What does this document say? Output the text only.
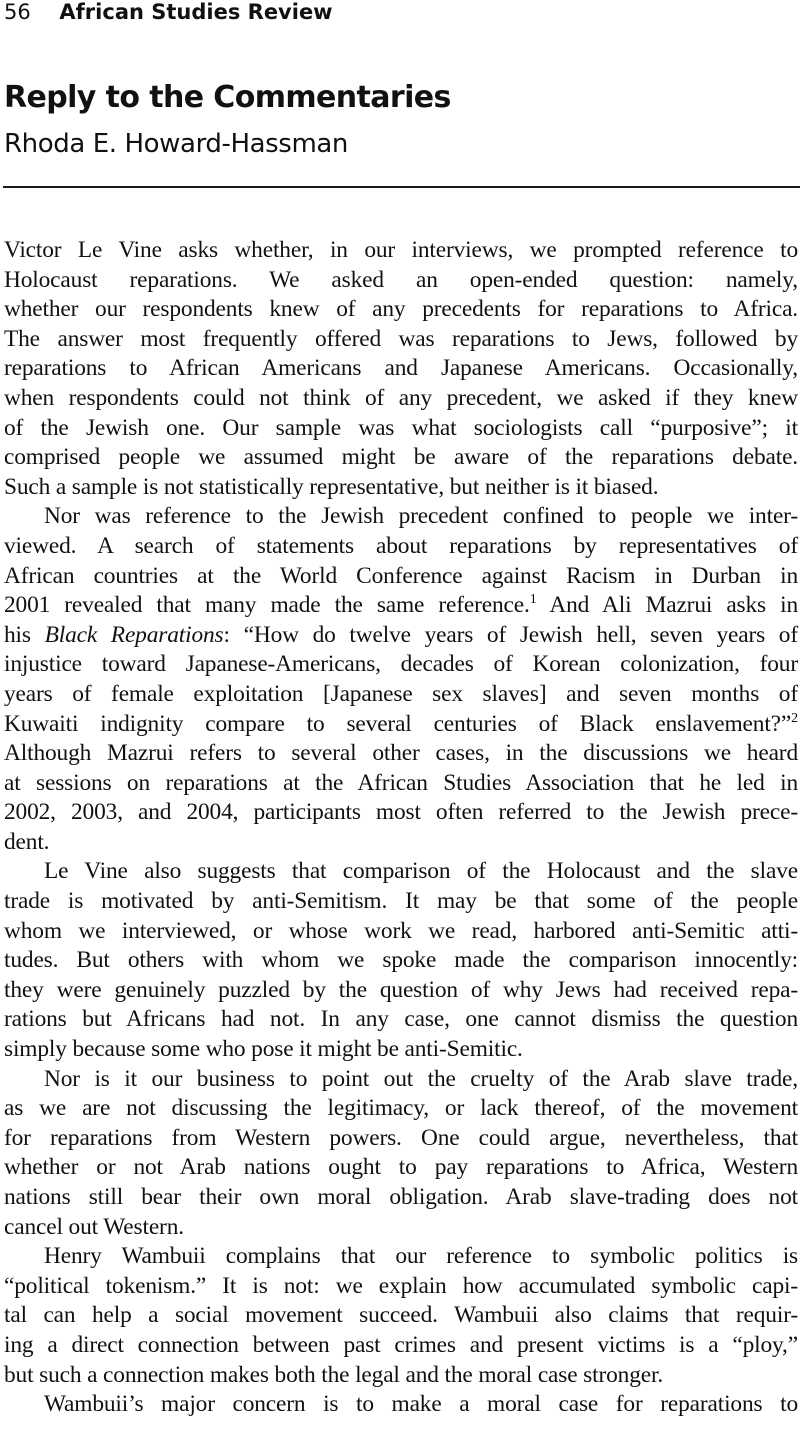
56 African Studies Review
Reply to the Commentaries
Rhoda E. Howard-Hassman
Victor Le Vine asks whether, in our interviews, we prompted reference to
Holocaust reparations. We asked an open-ended question: namely,
whether our respondents knew of any precedents for reparations to Africa.
The answer most frequently offered was reparations to Jews, followed by
reparations to African Americans and Japanese Americans. Occasionally,
when respondents could not think of any precedent, we asked if they knew
of the Jewish one. Our sample was what sociologists call “purposive”; it
comprised people we assumed might be aware of the reparations debate.
Such a sample is not statistically representative, but neither is it biased.
Nor was reference to the Jewish precedent confined to people we inter-
viewed. A search of statements about reparations by representatives of
African countries at the World Conference against Racism in Durban in
2001 revealed that many made the same reference.$^1$ And Ali Mazrui asks in
his Black Reparations: “How do twelve years of Jewish hell, seven years of
injustice toward Japanese-Americans, decades of Korean colonization, four
years of female exploitation [Japanese sex slaves] and seven months of
Kuwaiti indignity compare to several centuries of Black enslavement?”$^2$
Although Mazrui refers to several other cases, in the discussions we heard
at sessions on reparations at the African Studies Association that he led in
2002, 2003, and 2004, participants most often referred to the Jewish prece-
dent.
Le Vine also suggests that comparison of the Holocaust and the slave
trade is motivated by anti-Semitism. It may be that some of the people
whom we interviewed, or whose work we read, harbored anti-Semitic atti-
tudes. But others with whom we spoke made the comparison innocently:
they were genuinely puzzled by the question of why Jews had received repa-
rations but Africans had not. In any case, one cannot dismiss the question
simply because some who pose it might be anti-Semitic.
Nor is it our business to point out the cruelty of the Arab slave trade,
as we are not discussing the legitimacy, or lack thereof, of the movement
for reparations from Western powers. One could argue, nevertheless, that
whether or not Arab nations ought to pay reparations to Africa, Western
nations still bear their own moral obligation. Arab slave-trading does not
cancel out Western.
Henry Wambuii complains that our reference to symbolic politics is
“political tokenism.” It is not: we explain how accumulated symbolic capi-
tal can help a social movement succeed. Wambuii also claims that requir-
ing a direct connection between past crimes and present victims is a “ploy,”
but such a connection makes both the legal and the moral case stronger.
Wambuii’s major concern is to make a moral case for reparations to
